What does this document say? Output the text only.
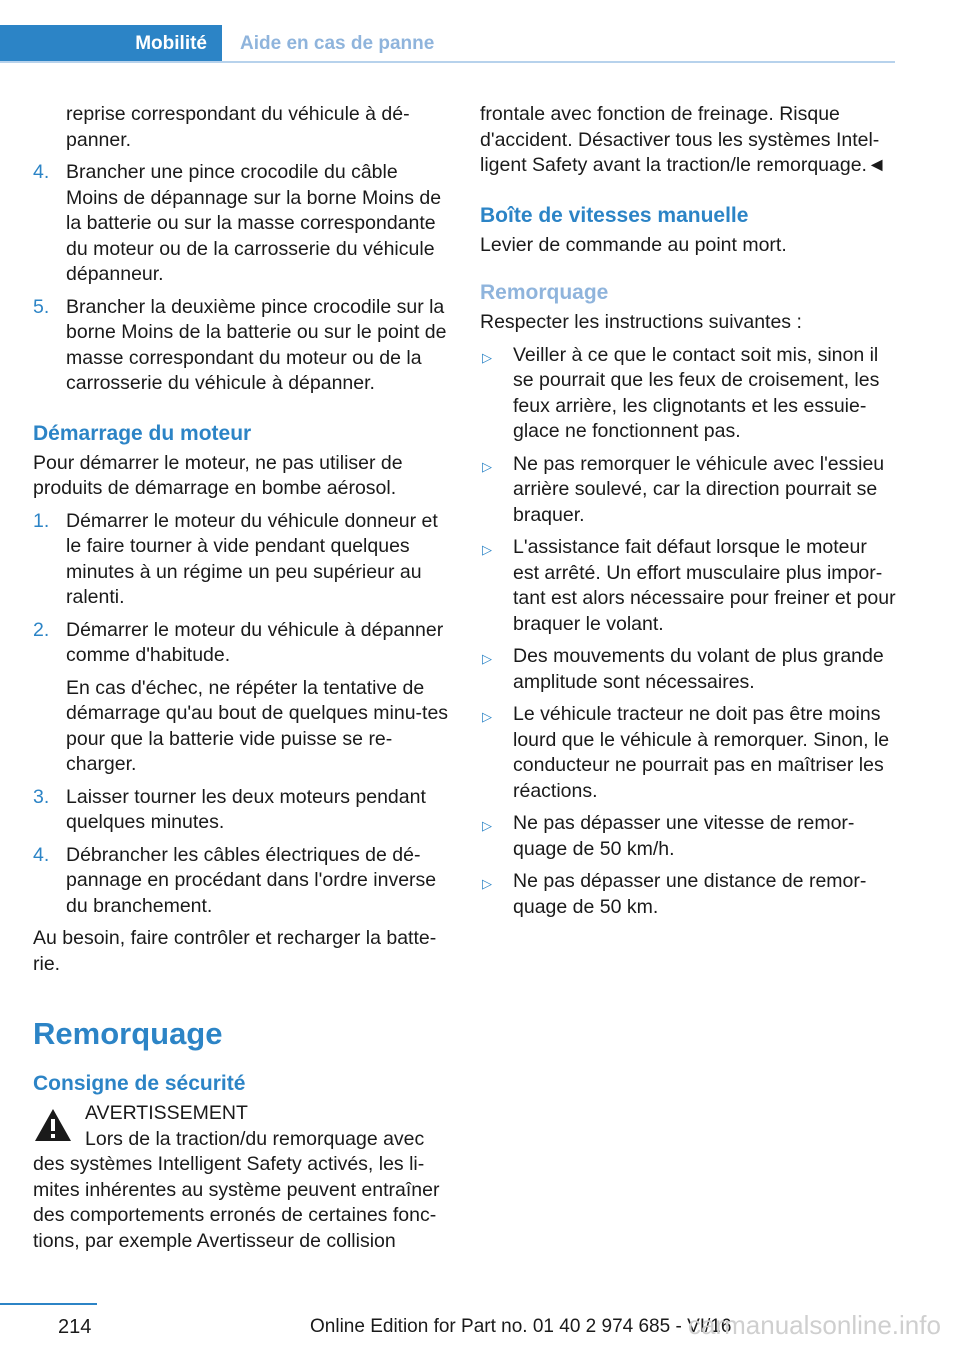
Mobilité Aide en cas de panne
reprise correspondant du véhicule à dé‐panner.
4. Brancher une pince crocodile du câble Moins de dépannage sur la borne Moins de la batterie ou sur la masse correspondante du moteur ou de la carrosserie du véhicule dépanneur.
5. Brancher la deuxième pince crocodile sur la borne Moins de la batterie ou sur le point de masse correspondant du moteur ou de la carrosserie du véhicule à dépanner.
Démarrage du moteur

Pour démarrer le moteur, ne pas utiliser de produits de démarrage en bombe aérosol.

1. Démarrer le moteur du véhicule donneur et le faire tourner à vide pendant quelques minutes à un régime un peu supérieur au ralenti.
2. Démarrer le moteur du véhicule à dépanner comme d'habitude.
En cas d'échec, ne répéter la tentative de démarrage qu'au bout de quelques minu‐tes pour que la batterie vide puisse se re‐charger.
3. Laisser tourner les deux moteurs pendant quelques minutes.
4. Débrancher les câbles électriques de dé‐pannage en procédant dans l'ordre inverse du branchement.

Au besoin, faire contrôler et recharger la batte‐rie.

Remorquage
Consigne de sécurité
AVERTISSEMENT
Lors de la traction/du remorquage avec

des systèmes Intelligent Safety activés, les li‐mites inhérentes au système peuvent entraîner des comportements erronés de certaines fonc‐tions, par exemple Avertisseur de collision

frontale avec fonction de freinage. Risque d'accident. Désactiver tous les systèmes Intel‐ligent Safety avant la traction/le remorquage.◄

Boîte de vitesses manuelle

Levier de commande au point mort.

Remorquage

Respecter les instructions suivantes :

▷	Veiller à ce que le contact soit mis, sinon il se pourrait que les feux de croisement, les feux arrière, les clignotants et les essuie-glace ne fonctionnent pas.
▷	Ne pas remorquer le véhicule avec l'essieu arrière soulevé, car la direction pourrait se braquer.
▷	L'assistance fait défaut lorsque le moteur est arrêté. Un effort musculaire plus impor‐tant est alors nécessaire pour freiner et pour braquer le volant.
▷	Des mouvements du volant de plus grande amplitude sont nécessaires.
▷	Le véhicule tracteur ne doit pas être moins lourd que le véhicule à remorquer. Sinon, le conducteur ne pourrait pas en maîtriser les réactions.
▷	Ne pas dépasser une vitesse de remor‐quage de 50 km/h.
▷	Ne pas dépasser une distance de remor‐quage de 50 km.
214	Online Edition for Part no. 01 40 2 974 685 - VI/16
carmanualsonline.info
